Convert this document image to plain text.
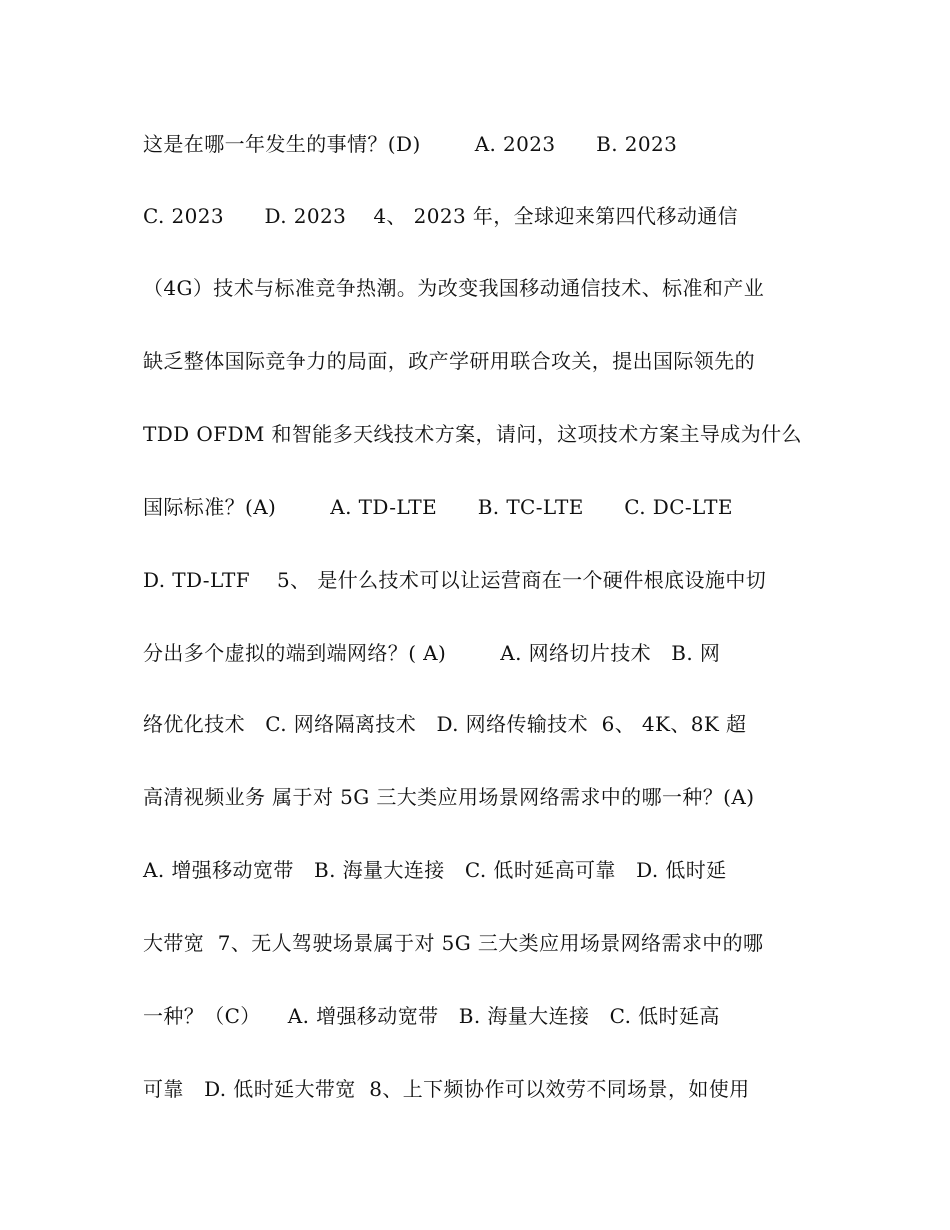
这是在哪一年发生的事情？(D)        A. 2023      B. 2023
C. 2023      D. 2023    4、 2023 年，全球迎来第四代移动通信
（4G）技术与标准竞争热潮。为改变我国移动通信技术、标准和产业
缺乏整体国际竞争力的局面，政产学研用联合攻关，提出国际领先的
TDD OFDM 和智能多天线技术方案，请问，这项技术方案主导成为什么
国际标准？(A)        A. TD-LTE      B. TC-LTE      C. DC-LTE
D. TD-LTF    5、 是什么技术可以让运营商在一个硬件根底设施中切
分出多个虚拟的端到端网络？( A)        A. 网络切片技术   B. 网
络优化技术   C. 网络隔离技术   D. 网络传输技术  6、 4K、8K 超
高清视频业务 属于对 5G 三大类应用场景网络需求中的哪一种？(A)
A. 增强移动宽带   B. 海量大连接   C. 低时延高可靠   D. 低时延
大带宽  7、无人驾驶场景属于对 5G 三大类应用场景网络需求中的哪
一种？（C）    A. 增强移动宽带   B. 海量大连接   C. 低时延高
可靠   D. 低时延大带宽  8、上下频协作可以效劳不同场景，如使用
